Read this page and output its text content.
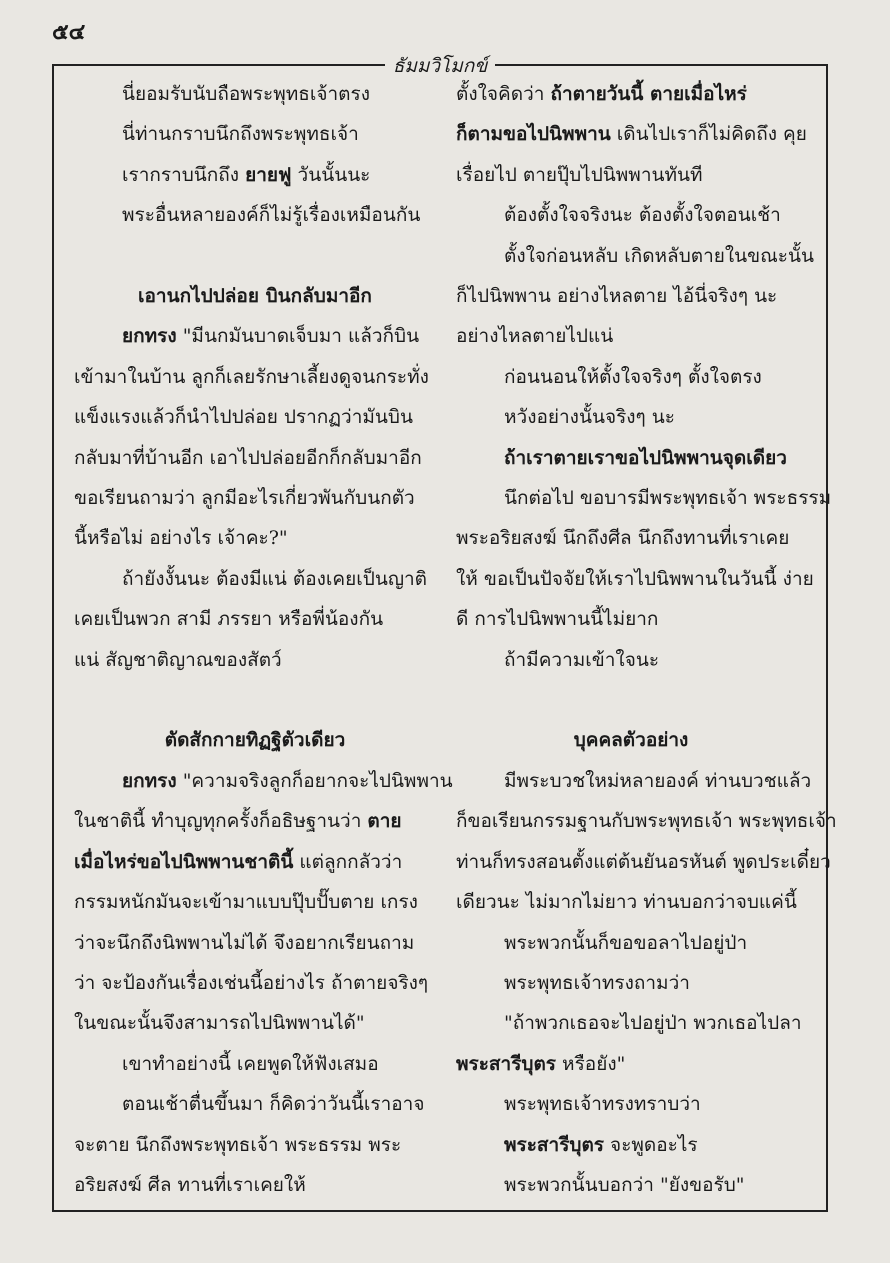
๕๔
ธัมมวิโมกข์

นี่ยอมรับนับถือพระพุทธเจ้าตรง

นี่ท่านกราบนึกถึงพระพุทธเจ้า

เรากราบนึกถึง ยายฟู วันนั้นนะ

พระอื่นหลายองค์ก็ไม่รู้เรื่องเหมือนกัน

เอานกไปปล่อย บินกลับมาอีก

ยกทรง "มีนกมันบาดเจ็บมา แล้วก็บิน

เข้ามาในบ้าน ลูกก็เลยรักษาเลี้ยงดูจนกระทั่ง

แข็งแรงแล้วก็นำไปปล่อย ปรากฏว่ามันบิน

กลับมาที่บ้านอีก เอาไปปล่อยอีกก็กลับมาอีก

ขอเรียนถามว่า ลูกมีอะไรเกี่ยวพันกับนกตัว

นี้หรือไม่ อย่างไร เจ้าคะ?"

ถ้ายังงั้นนะ ต้องมีแน่ ต้องเคยเป็นญาติ

เคยเป็นพวก สามี ภรรยา หรือพี่น้องกัน

แน่ สัญชาติญาณของสัตว์

ตัดสักกายทิฏฐิตัวเดียว

ยกทรง "ความจริงลูกก็อยากจะไปนิพพาน

ในชาตินี้ ทำบุญทุกครั้งก็อธิษฐานว่า ตาย

เมื่อไหร่ขอไปนิพพานชาตินี้ แต่ลูกกลัวว่า

กรรมหนักมันจะเข้ามาแบบปุ๊บปั๊บตาย เกรง

ว่าจะนึกถึงนิพพานไม่ได้ จึงอยากเรียนถาม

ว่า จะป้องกันเรื่องเช่นนี้อย่างไร ถ้าตายจริงๆ

ในขณะนั้นจึงสามารถไปนิพพานได้"

เขาทำอย่างนี้ เคยพูดให้ฟังเสมอ

ตอนเช้าตื่นขึ้นมา ก็คิดว่าวันนี้เราอาจ

จะตาย นึกถึงพระพุทธเจ้า พระธรรม พระ

อริยสงฆ์ ศีล ทานที่เราเคยให้

ตั้งใจคิดว่า ถ้าตายวันนี้ ตายเมื่อไหร่

ก็ตามขอไปนิพพาน เดินไปเราก็ไม่คิดถึง คุย

เรื่อยไป ตายปุ๊บไปนิพพานทันที

ต้องตั้งใจจริงนะ ต้องตั้งใจตอนเช้า

ตั้งใจก่อนหลับ เกิดหลับตายในขณะนั้น

ก็ไปนิพพาน อย่างไหลตาย ไอ้นี่จริงๆ นะ

อย่างไหลตายไปแน่

ก่อนนอนให้ตั้งใจจริงๆ ตั้งใจตรง

หวังอย่างนั้นจริงๆ นะ

ถ้าเราตายเราขอไปนิพพานจุดเดียว

นึกต่อไป ขอบารมีพระพุทธเจ้า พระธรรม

พระอริยสงฆ์ นึกถึงศีล นึกถึงทานที่เราเคย

ให้ ขอเป็นปัจจัยให้เราไปนิพพานในวันนี้ ง่าย

ดี การไปนิพพานนี้ไม่ยาก

ถ้ามีความเข้าใจนะ

บุคคลตัวอย่าง

มีพระบวชใหม่หลายองค์ ท่านบวชแล้ว

ก็ขอเรียนกรรมฐานกับพระพุทธเจ้า พระพุทธเจ้า

ท่านก็ทรงสอนตั้งแต่ต้นยันอรหันต์ พูดประเดี๋ยว

เดียวนะ ไม่มากไม่ยาว ท่านบอกว่าจบแค่นี้

พระพวกนั้นก็ขอขอลาไปอยู่ป่า

พระพุทธเจ้าทรงถามว่า

"ถ้าพวกเธอจะไปอยู่ป่า พวกเธอไปลา

พระสารีบุตร หรือยัง"

พระพุทธเจ้าทรงทราบว่า

พระสารีบุตร จะพูดอะไร

พระพวกนั้นบอกว่า "ยังขอรับ"
